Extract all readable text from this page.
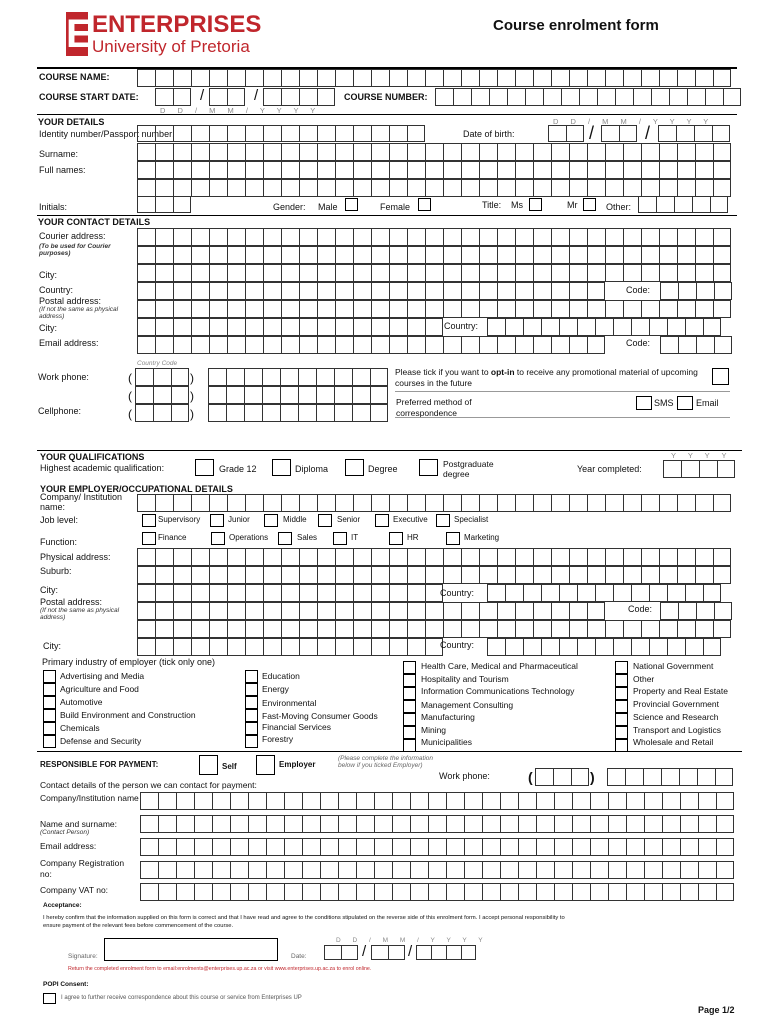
E ENTERPRISES
University of Pretoria
Course enrolment form
COURSE NAME:
COURSE START DATE:	/	/
D D / M M / Y Y Y Y
COURSE NUMBER:
YOUR DETAILS	D D / M M / Y Y Y Y
Identity number/Passport number:	Date of birth:	/	/
Surname:
Full names:
Initials:	Gender: Male	Female	Title: Ms	Mr	Other:
YOUR CONTACT DETAILS
Courier address:
(To be used for Courier purposes)
City:
Country:	Code:
Postal address:
(If not the same as physical address)
City:	Country:
Email address:	Code:
Country Code
Work phone:	(	)
(	)
Cellphone:	(	)
Please tick if you want to opt-in to receive any promotional material of upcoming courses in the future
Preferred method of correspondence
SMS Email
YOUR QUALIFICATIONS
Highest academic qualification:	Grade 12	Diploma	Degree	Postgraduate degree	Year completed:
Y Y Y Y
YOUR EMPLOYER/OCCUPATIONAL DETAILS
Company/ Institution name:
Job level:	Supervisory	Junior	Middle	Senior	Executive	Specialist
Function:	Finance	Operations	Sales	IT	HR	Marketing
Physical address:
Suburb:
City:	Country:
Postal address:
(If not the same as physical address)
Code:
City:	Country:
Primary industry of employer (tick only one)
Advertising and Media
Agriculture and Food
Automotive
Build Environment and Construction
Chemicals
Defense and Security
Education
Energy
Environmental
Fast-Moving Consumer Goods
Financial Services
Forestry
Health Care, Medical and Pharmaceutical
Hospitality and Tourism
Information Communications Technology
Management Consulting
Manufacturing
Mining
Municipalities
National Government
Other
Property and Real Estate
Provincial Government
Science and Research
Transport and Logistics
Wholesale and Retail
RESPONSIBLE FOR PAYMENT:	Self	Employer
(Please complete the information below if you ticked Employer)
Contact details of the person we can contact for payment:
Work phone:	(	)
Company/Institution name
Name and surname:
(Contact Person)
Email address:
Company Registration no:
Company VAT no:
Acceptance:
I hereby confirm that the information supplied on this form is correct and that I have read and agree to the conditions stipulated on the reverse side of this enrolment form. I accept personal responsibility to ensure payment of the relevant fees before commencement of the course.
Signature:	Date:
D D / M M / Y Y Y Y
/	/
Return the completed enrolment form to email:enrolments@enterprises.up.ac.za or visit www.enterprises.up.ac.za to enrol online.
POPI Consent:
I agree to further receive correspondence about this course or service from Enterprises UP
Page 1/2
